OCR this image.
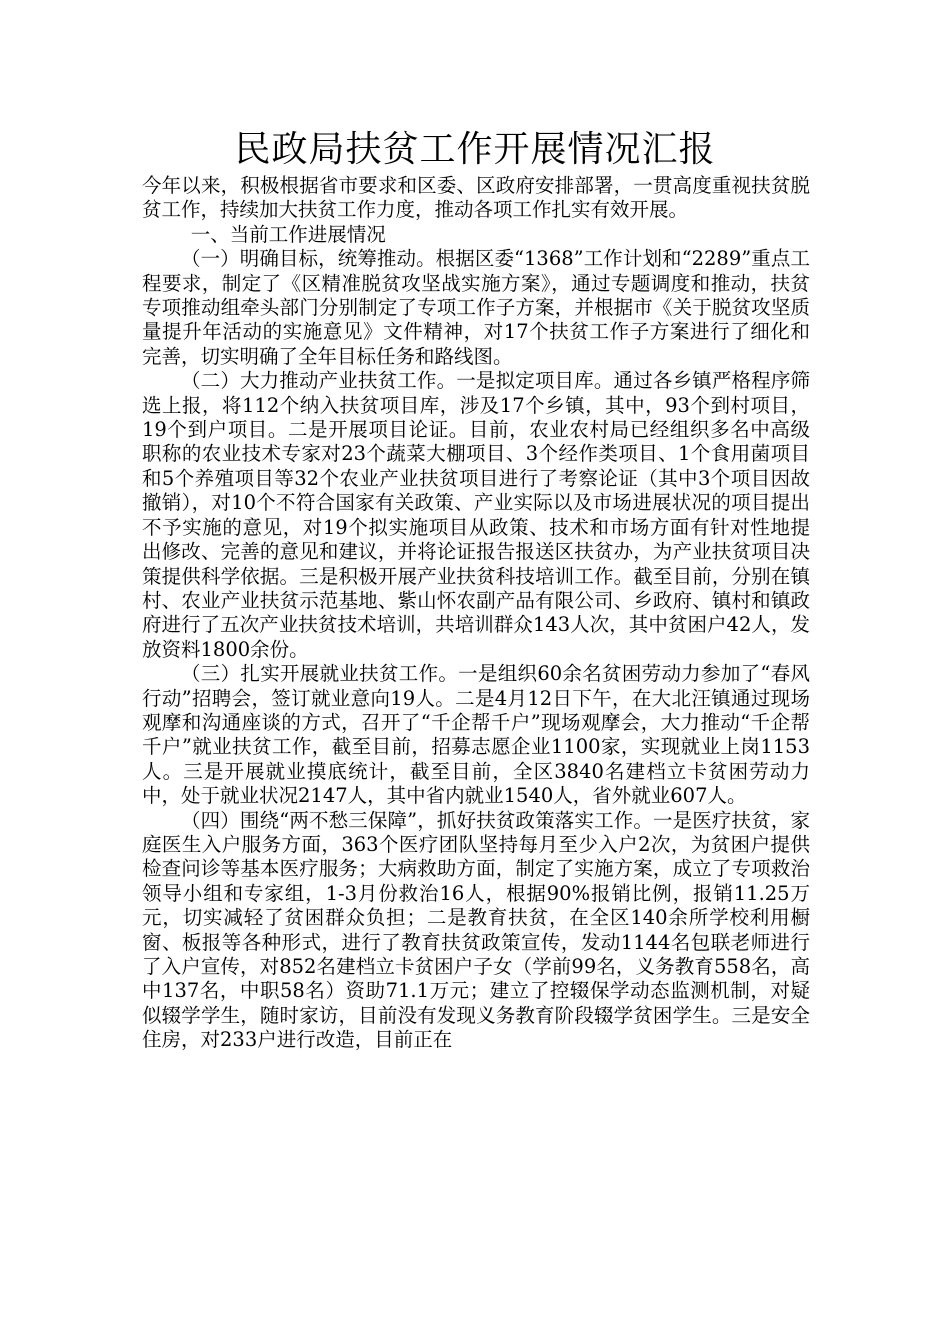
民政局扶贫工作开展情况汇报

今年以来，积极根据省市要求和区委、区政府安排部署，一贯高度重视扶贫脱贫工作，持续加大扶贫工作力度，推动各项工作扎实有效开展。

一、当前工作进展情况

（一）明确目标，统筹推动。根据区委“1368”工作计划和“2289”重点工程要求，制定了《区精准脱贫攻坚战实施方案》，通过专题调度和推动，扶贫专项推动组牵头部门分别制定了专项工作子方案，并根据市《关于脱贫攻坚质量提升年活动的实施意见》文件精神，对17个扶贫工作子方案进行了细化和完善，切实明确了全年目标任务和路线图。

（二）大力推动产业扶贫工作。一是拟定项目库。通过各乡镇严格程序筛选上报，将112个纳入扶贫项目库，涉及17个乡镇，其中，93个到村项目，19个到户项目。二是开展项目论证。目前，农业农村局已经组织多名中高级职称的农业技术专家对23个蔬菜大棚项目、3个经作类项目、1个食用菌项目和5个养殖项目等32个农业产业扶贫项目进行了考察论证（其中3个项目因故撤销），对10个不符合国家有关政策、产业实际以及市场进展状况的项目提出不予实施的意见，对19个拟实施项目从政策、技术和市场方面有针对性地提出修改、完善的意见和建议，并将论证报告报送区扶贫办，为产业扶贫项目决策提供科学依据。三是积极开展产业扶贫科技培训工作。截至目前，分别在镇村、农业产业扶贫示范基地、紫山怀农副产品有限公司、乡政府、镇村和镇政府进行了五次产业扶贫技术培训，共培训群众143人次，其中贫困户42人，发放资料1800余份。

（三）扎实开展就业扶贫工作。一是组织60余名贫困劳动力参加了“春风行动”招聘会，签订就业意向19人。二是4月12日下午，在大北汪镇通过现场观摩和沟通座谈的方式，召开了“千企帮千户”现场观摩会，大力推动“千企帮千户”就业扶贫工作，截至目前，招募志愿企业1100家，实现就业上岗1153人。三是开展就业摸底统计，截至目前，全区3840名建档立卡贫困劳动力中，处于就业状况2147人，其中省内就业1540人，省外就业607人。

（四）围绕“两不愁三保障”，抓好扶贫政策落实工作。一是医疗扶贫，家庭医生入户服务方面，363个医疗团队坚持每月至少入户2次，为贫困户提供检查问诊等基本医疗服务；大病救助方面，制定了实施方案，成立了专项救治领导小组和专家组，1-3月份救治16人，根据90%报销比例，报销11.25万元，切实减轻了贫困群众负担；二是教育扶贫，在全区140余所学校利用橱窗、板报等各种形式，进行了教育扶贫政策宣传，发动1144名包联老师进行了入户宣传，对852名建档立卡贫困户子女（学前99名，义务教育558名，高中137名，中职58名）资助71.1万元；建立了控辍保学动态监测机制，对疑似辍学学生，随时家访，目前没有发现义务教育阶段辍学贫困学生。三是安全住房，对233户进行改造，目前正在
